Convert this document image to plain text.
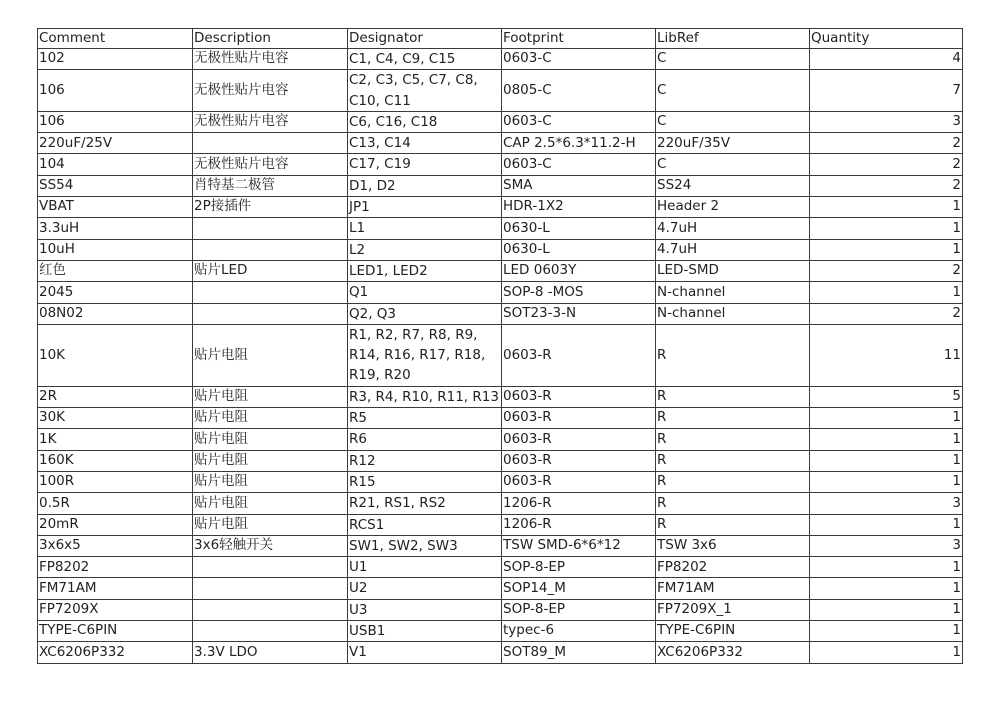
Comment	Description	Designator	Footprint	LibRef	Quantity
102	无极性贴片电容	C1, C4, C9, C15	0603-C	C	4
106	无极性贴片电容	C2, C3, C5, C7, C8, C10, C11	0805-C	C	7
106	无极性贴片电容	C6, C16, C18	0603-C	C	3
220uF/25V		C13, C14	CAP 2.5*6.3*11.2-H	220uF/35V	2
104	无极性贴片电容	C17, C19	0603-C	C	2
SS54	肖特基二极管	D1, D2	SMA	SS24	2
VBAT	2P接插件	JP1	HDR-1X2	Header 2	1
3.3uH		L1	0630-L	4.7uH	1
10uH		L2	0630-L	4.7uH	1
红色	贴片LED	LED1, LED2	LED 0603Y	LED-SMD	2
2045		Q1	SOP-8 -MOS	N-channel	1
08N02		Q2, Q3	SOT23-3-N	N-channel	2
10K	贴片电阻	R1, R2, R7, R8, R9, R14, R16, R17, R18, R19, R20	0603-R	R	11
2R	贴片电阻	R3, R4, R10, R11, R13	0603-R	R	5
30K	贴片电阻	R5	0603-R	R	1
1K	贴片电阻	R6	0603-R	R	1
160K	贴片电阻	R12	0603-R	R	1
100R	贴片电阻	R15	0603-R	R	1
0.5R	贴片电阻	R21, RS1, RS2	1206-R	R	3
20mR	贴片电阻	RCS1	1206-R	R	1
3x6x5	3x6轻触开关	SW1, SW2, SW3	TSW SMD-6*6*12	TSW 3x6	3
FP8202		U1	SOP-8-EP	FP8202	1
FM71AM		U2	SOP14_M	FM71AM	1
FP7209X		U3	SOP-8-EP	FP7209X_1	1
TYPE-C6PIN		USB1	typec-6	TYPE-C6PIN	1
XC6206P332	3.3V LDO	V1	SOT89_M	XC6206P332	1
